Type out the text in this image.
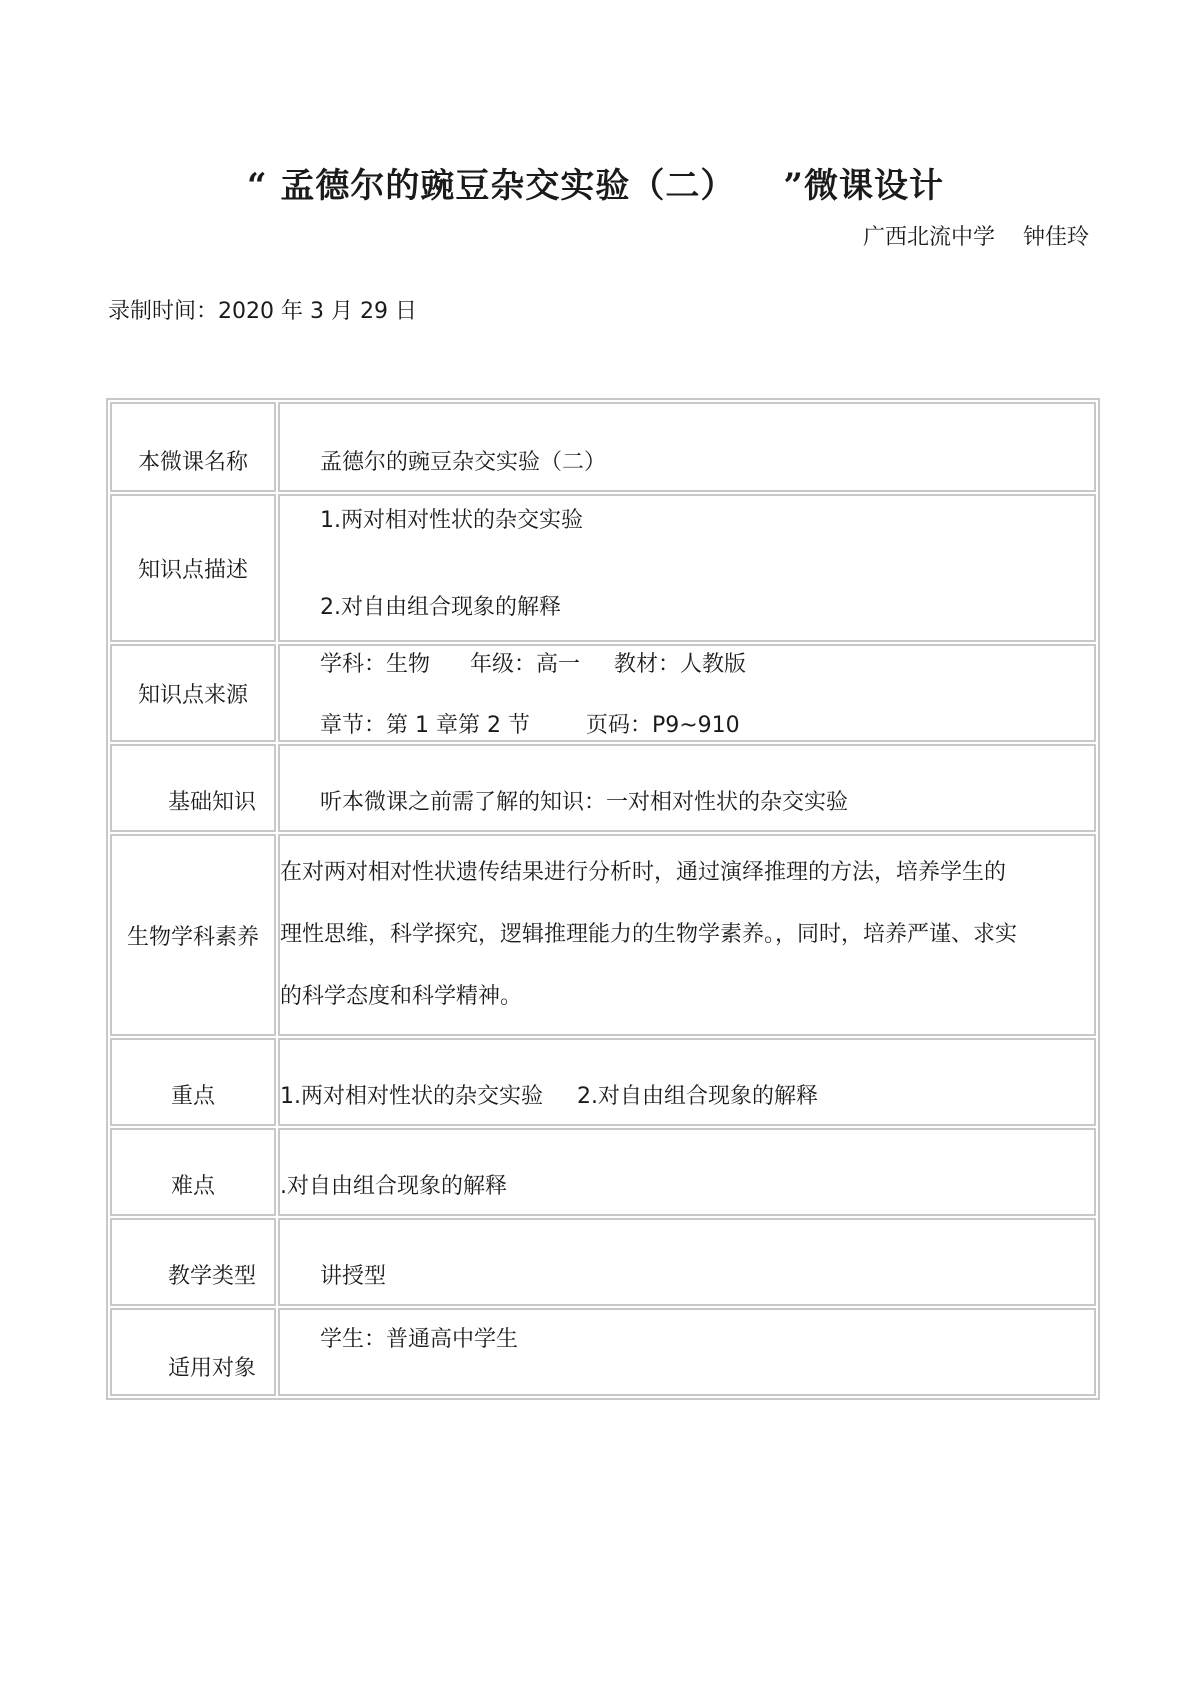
“ 孟德尔的豌豆杂交实验（二） ”微课设计
广西北流中学 钟佳玲
录制时间：2020 年 3 月 29 日
本微课名称	孟德尔的豌豆杂交实验（二）

知识点描述	1.两对相对性状的杂交实验
2.对自由组合现象的解释

知识点来源	学科：生物 年级：高一 教材：人教版
章节：第 1 章第 2 节 页码：P9~910

基础知识	听本微课之前需了解的知识：一对相对性状的杂交实验

生物学科素养	在对两对相对性状遗传结果进行分析时，通过演绎推理的方法，培养学生的
理性思维，科学探究，逻辑推理能力的生物学素养。，同时，培养严谨、求实
的科学态度和科学精神。

重点	1.两对相对性状的杂交实验 2.对自由组合现象的解释

难点	.对自由组合现象的解释

教学类型	讲授型

适用对象	学生：普通高中学生
